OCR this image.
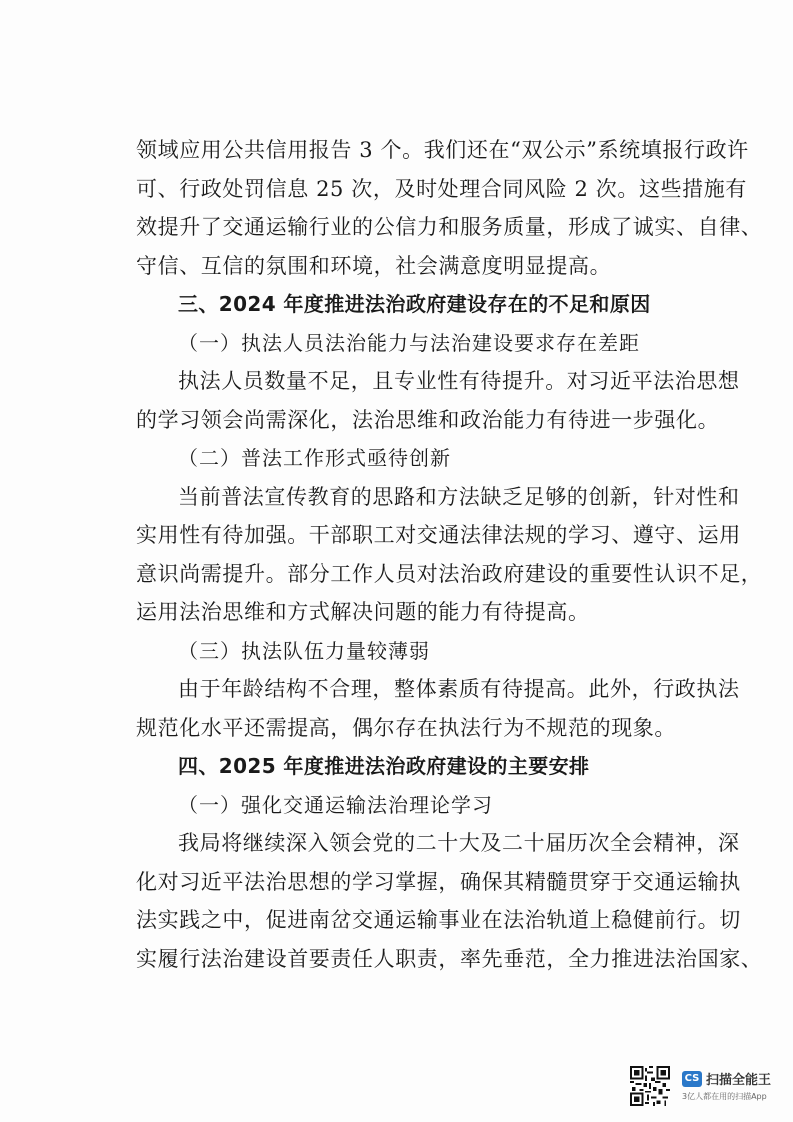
领域应用公共信用报告 3 个。我们还在“双公示”系统填报行政许
可、行政处罚信息 25 次，及时处理合同风险 2 次。这些措施有
效提升了交通运输行业的公信力和服务质量，形成了诚实、自律、
守信、互信的氛围和环境，社会满意度明显提高。
三、2024 年度推进法治政府建设存在的不足和原因
（一）执法人员法治能力与法治建设要求存在差距
执法人员数量不足，且专业性有待提升。对习近平法治思想
的学习领会尚需深化，法治思维和政治能力有待进一步强化。
（二）普法工作形式亟待创新
当前普法宣传教育的思路和方法缺乏足够的创新，针对性和
实用性有待加强。干部职工对交通法律法规的学习、遵守、运用
意识尚需提升。部分工作人员对法治政府建设的重要性认识不足，
运用法治思维和方式解决问题的能力有待提高。
（三）执法队伍力量较薄弱
由于年龄结构不合理，整体素质有待提高。此外，行政执法
规范化水平还需提高，偶尔存在执法行为不规范的现象。
四、2025 年度推进法治政府建设的主要安排
（一）强化交通运输法治理论学习
我局将继续深入领会党的二十大及二十届历次全会精神，深
化对习近平法治思想的学习掌握，确保其精髓贯穿于交通运输执
法实践之中，促进南岔交通运输事业在法治轨道上稳健前行。切
实履行法治建设首要责任人职责，率先垂范，全力推进法治国家、
CS 扫描全能王
3亿人都在用的扫描App
